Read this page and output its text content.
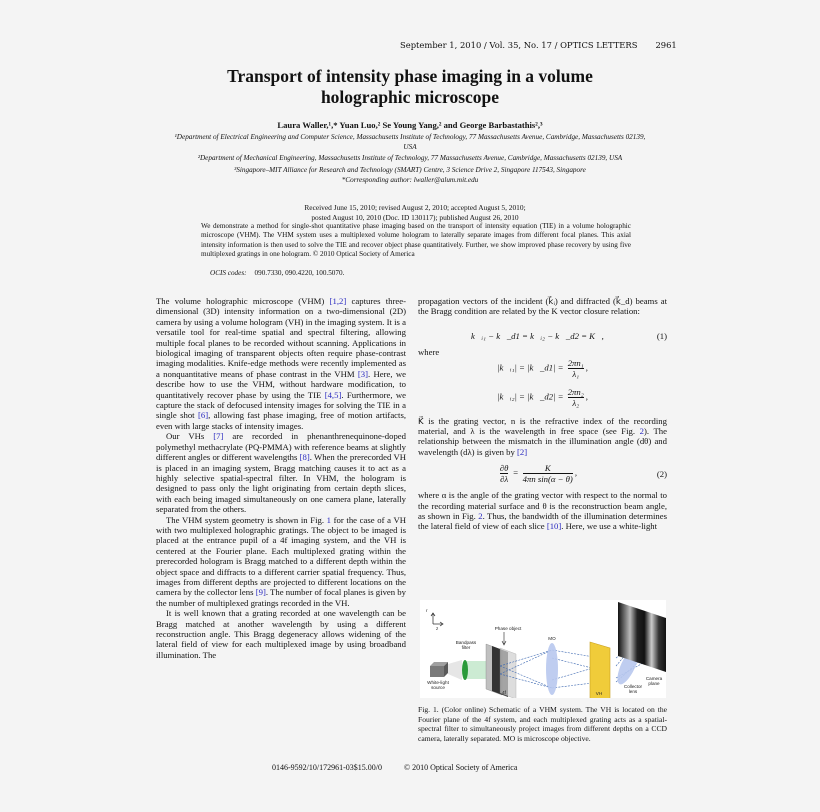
September 1, 2010 / Vol. 35, No. 17 / OPTICS LETTERS 2961
Transport of intensity phase imaging in a volume
holographic microscope
Laura Waller,¹,* Yuan Luo,² Se Young Yang,² and George Barbastathis²,³

¹Department of Electrical Engineering and Computer Science, Massachusetts Institute of Technology, 77 Massachusetts Avenue, Cambridge, Massachusetts 02139, USA

²Department of Mechanical Engineering, Massachusetts Institute of Technology, 77 Massachusetts Avenue, Cambridge, Massachusetts 02139, USA

³Singapore–MIT Alliance for Research and Technology (SMART) Centre, 3 Science Drive 2, Singapore 117543, Singapore

*Corresponding author: lwaller@alum.mit.edu

Received June 15, 2010; revised August 2, 2010; accepted August 5, 2010;
posted August 10, 2010 (Doc. ID 130117); published August 26, 2010
We demonstrate a method for single-shot quantitative phase imaging based on the transport of intensity equation (TIE) in a volume holographic microscope (VHM). The VHM system uses a multiplexed volume hologram to laterally separate images from different focal planes. This axial intensity information is then used to solve the TIE and recover object phase quantitatively. Further, we show improved phase recovery by using five multiplexed gratings in one hologram. © 2010 Optical Society of America
OCIS codes: 090.7330, 090.4220, 100.5070.

The volume holographic microscope (VHM) [1,2] captures three-dimensional (3D) intensity information on a two-dimensional (2D) camera by using a volume hologram (VH) in the imaging system. It is a versatile tool for real-time spatial and spectral filtering, allowing multiple focal planes to be recorded without scanning. Applications in biological imaging of transparent objects often require phase-contrast imaging modalities. Knife-edge methods were recently implemented as a nonquantitative means of phase contrast in the VHM [3]. Here, we describe how to use the VHM, without hardware modification, to quantitatively recover phase by using the TIE [4,5]. Furthermore, we capture the stack of defocused intensity images for solving the TIE in a single shot [6], allowing fast phase imaging, free of motion artifacts, even with large stacks of intensity images.

Our VHs [7] are recorded in phenanthrenequinone-doped polymethyl methacrylate (PQ-PMMA) with reference beams at slightly different angles or different wavelengths [8]. When the prerecorded VH is placed in an imaging system, Bragg matching causes it to act as a highly selective spatial-spectral filter. In VHM, the hologram is designed to pass only the light originating from certain depth slices, with each being imaged simultaneously on one camera plane, laterally separated from the others.

The VHM system geometry is shown in Fig. 1 for the case of a VH with two multiplexed holographic gratings. The object to be imaged is placed at the entrance pupil of a 4f imaging system, and the VH is centered at the Fourier plane. Each multiplexed grating within the prerecorded hologram is Bragg matched to a different depth within the object space and diffracts to a different carrier spatial frequency. Thus, images from different depths are projected to different locations on the camera by the collector lens [9]. The number of focal planes is given by the number of multiplexed gratings recorded in the VH.

It is well known that a grating recorded at one wavelength can be Bragg matched at another wavelength by using a different reconstruction angle. This Bragg degeneracy allows widening of the lateral field of view for each multiplexed image by using broadband illumination. The

propagation vectors of the incident (k⃗ᵢ) and diffracted (k⃗_d) beams at the Bragg condition are related by the K vector closure relation:

k⃗ᵢ₁ − k⃗_d1 = k⃗ᵢ₂ − k⃗_d2 = K⃗,	(1)

where

|k⃗ᵢ₁| = |k⃗_d1| = $\frac{\text{2πn₁}}{\text{λ₁}}$ ,
|k⃗ᵢ₂| = |k⃗_d2| = $\frac{\text{2πn₂}}{\text{λ₂}}$ ,

K⃗ is the grating vector, n is the refractive index of the recording material, and λ is the wavelength in free space (see Fig. 2). The relationship between the mismatch in the illumination angle (dθ) and wavelength (dλ) is given by [2]

$\frac{\partial\theta}{\partial\lambda} = \frac{K}{\text{4πn sin(α − θ)}}$ ,	(2)

where α is the angle of the grating vector with respect to the normal to the recording material surface and θ is the reconstruction beam angle, as shown in Fig. 2. Thus, the bandwidth of the illumination determines the lateral field of view of each slice [10]. Here, we use a white-light

r
z
White-light source
Bandpass filter
Phase object
4f
MO
VH
Collector lens
Camera plane
Fig. 1. (Color online) Schematic of a VHM system. The VH is located on the Fourier plane of the 4f system, and each multiplexed grating acts as a spatial-spectral filter to simultaneously project images from different depths on a CCD camera, laterally separated. MO is microscope objective.
0146-9592/10/172961-03$15.00/0	© 2010 Optical Society of America
